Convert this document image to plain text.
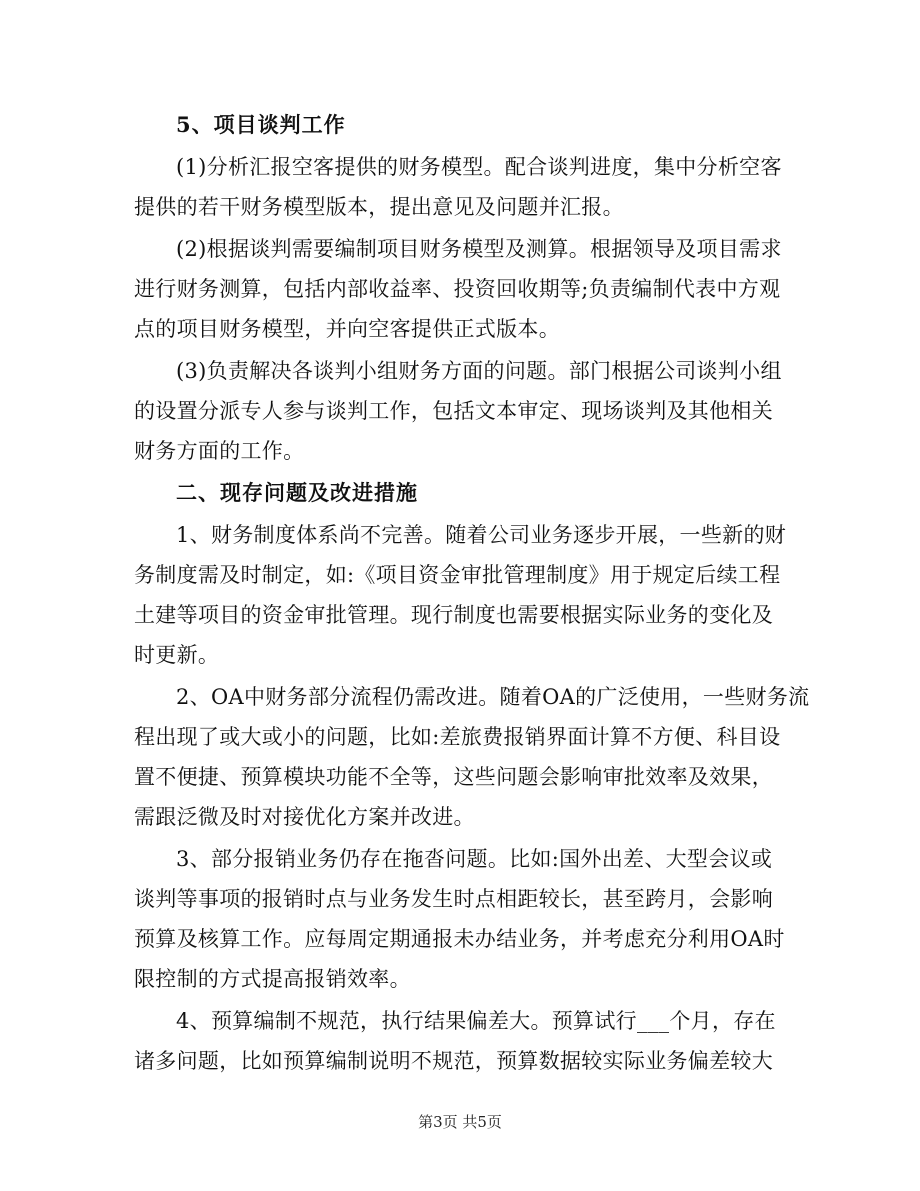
5、项目谈判工作
(1)分析汇报空客提供的财务模型。配合谈判进度，集中分析空客
提供的若干财务模型版本，提出意见及问题并汇报。
(2)根据谈判需要编制项目财务模型及测算。根据领导及项目需求
进行财务测算，包括内部收益率、投资回收期等;负责编制代表中方观
点的项目财务模型，并向空客提供正式版本。
(3)负责解决各谈判小组财务方面的问题。部门根据公司谈判小组
的设置分派专人参与谈判工作，包括文本审定、现场谈判及其他相关
财务方面的工作。
二、现存问题及改进措施
1、财务制度体系尚不完善。随着公司业务逐步开展，一些新的财
务制度需及时制定，如:《项目资金审批管理制度》用于规定后续工程
土建等项目的资金审批管理。现行制度也需要根据实际业务的变化及
时更新。
2、OA中财务部分流程仍需改进。随着OA的广泛使用，一些财务流
程出现了或大或小的问题，比如:差旅费报销界面计算不方便、科目设
置不便捷、预算模块功能不全等，这些问题会影响审批效率及效果，
需跟泛微及时对接优化方案并改进。
3、部分报销业务仍存在拖沓问题。比如:国外出差、大型会议或
谈判等事项的报销时点与业务发生时点相距较长，甚至跨月，会影响
预算及核算工作。应每周定期通报未办结业务，并考虑充分利用OA时
限控制的方式提高报销效率。
4、预算编制不规范，执行结果偏差大。预算试行___个月，存在
诸多问题，比如预算编制说明不规范，预算数据较实际业务偏差较大
第3页 共5页
